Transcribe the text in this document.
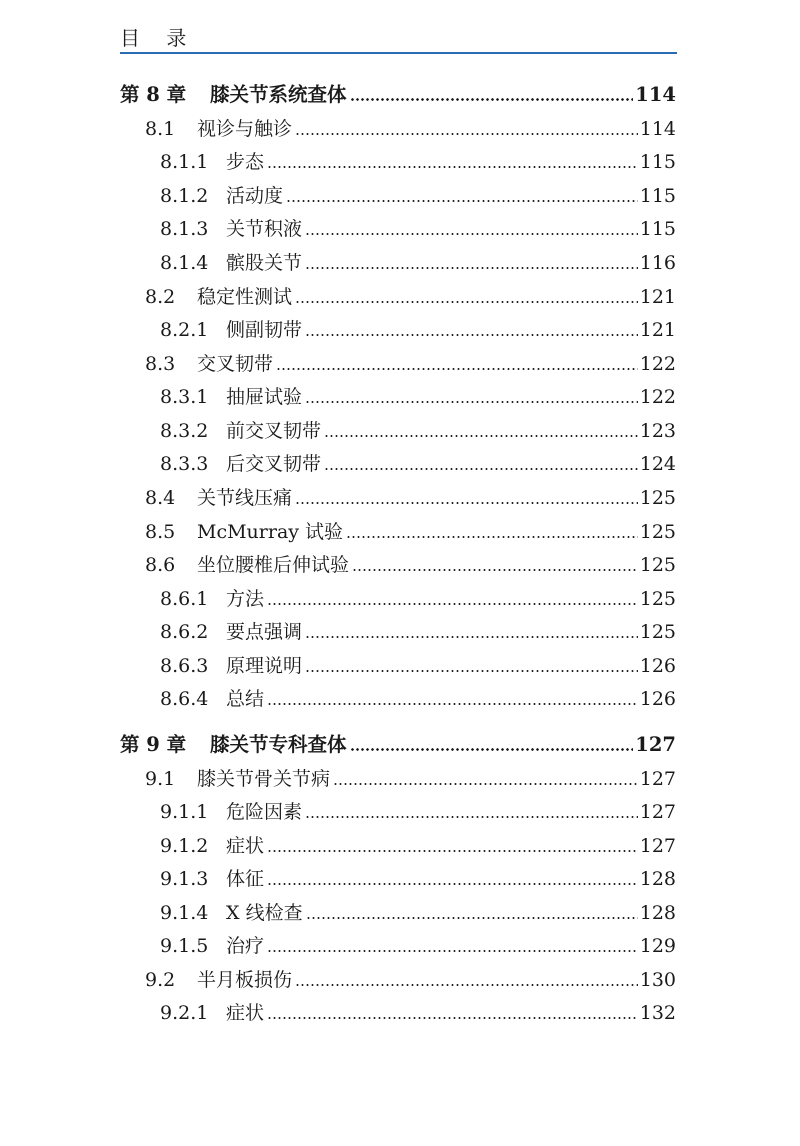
目 录
第 8 章 膝关节系统查体	114
8.1 视诊与触诊	114
8.1.1 步态	115
8.1.2 活动度	115
8.1.3 关节积液	115
8.1.4 髌股关节	116
8.2 稳定性测试	121
8.2.1 侧副韧带	121
8.3 交叉韧带	122
8.3.1 抽屉试验	122
8.3.2 前交叉韧带	123
8.3.3 后交叉韧带	124
8.4 关节线压痛	125
8.5 McMurray 试验	125
8.6 坐位腰椎后伸试验	125
8.6.1 方法	125
8.6.2 要点强调	125
8.6.3 原理说明	126
8.6.4 总结	126
第 9 章 膝关节专科查体	127
9.1 膝关节骨关节病	127
9.1.1 危险因素	127
9.1.2 症状	127
9.1.3 体征	128
9.1.4 X 线检查	128
9.1.5 治疗	129
9.2 半月板损伤	130
9.2.1 症状	132
